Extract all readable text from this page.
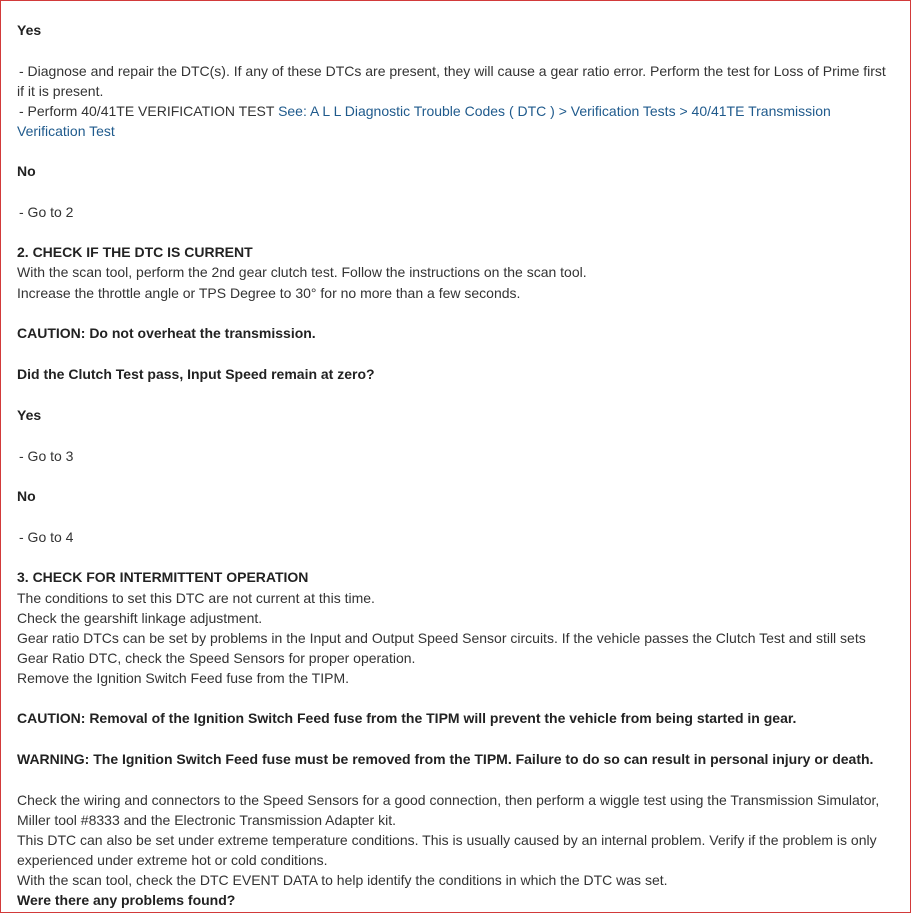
Yes
- Diagnose and repair the DTC(s). If any of these DTCs are present, they will cause a gear ratio error. Perform the test for Loss of Prime first
if it is present.
- Perform 40/41TE VERIFICATION TEST See: A L L Diagnostic Trouble Codes ( DTC ) > Verification Tests > 40/41TE Transmission
Verification Test
No
- Go to 2
2. CHECK IF THE DTC IS CURRENT
With the scan tool, perform the 2nd gear clutch test. Follow the instructions on the scan tool.
Increase the throttle angle or TPS Degree to 30° for no more than a few seconds.
CAUTION: Do not overheat the transmission.
Did the Clutch Test pass, Input Speed remain at zero?
Yes
- Go to 3
No
- Go to 4
3. CHECK FOR INTERMITTENT OPERATION
The conditions to set this DTC are not current at this time.
Check the gearshift linkage adjustment.
Gear ratio DTCs can be set by problems in the Input and Output Speed Sensor circuits. If the vehicle passes the Clutch Test and still sets
Gear Ratio DTC, check the Speed Sensors for proper operation.
Remove the Ignition Switch Feed fuse from the TIPM.
CAUTION: Removal of the Ignition Switch Feed fuse from the TIPM will prevent the vehicle from being started in gear.
WARNING: The Ignition Switch Feed fuse must be removed from the TIPM. Failure to do so can result in personal injury or death.
Check the wiring and connectors to the Speed Sensors for a good connection, then perform a wiggle test using the Transmission Simulator,
Miller tool #8333 and the Electronic Transmission Adapter kit.
This DTC can also be set under extreme temperature conditions. This is usually caused by an internal problem. Verify if the problem is only
experienced under extreme hot or cold conditions.
With the scan tool, check the DTC EVENT DATA to help identify the conditions in which the DTC was set.
Were there any problems found?
